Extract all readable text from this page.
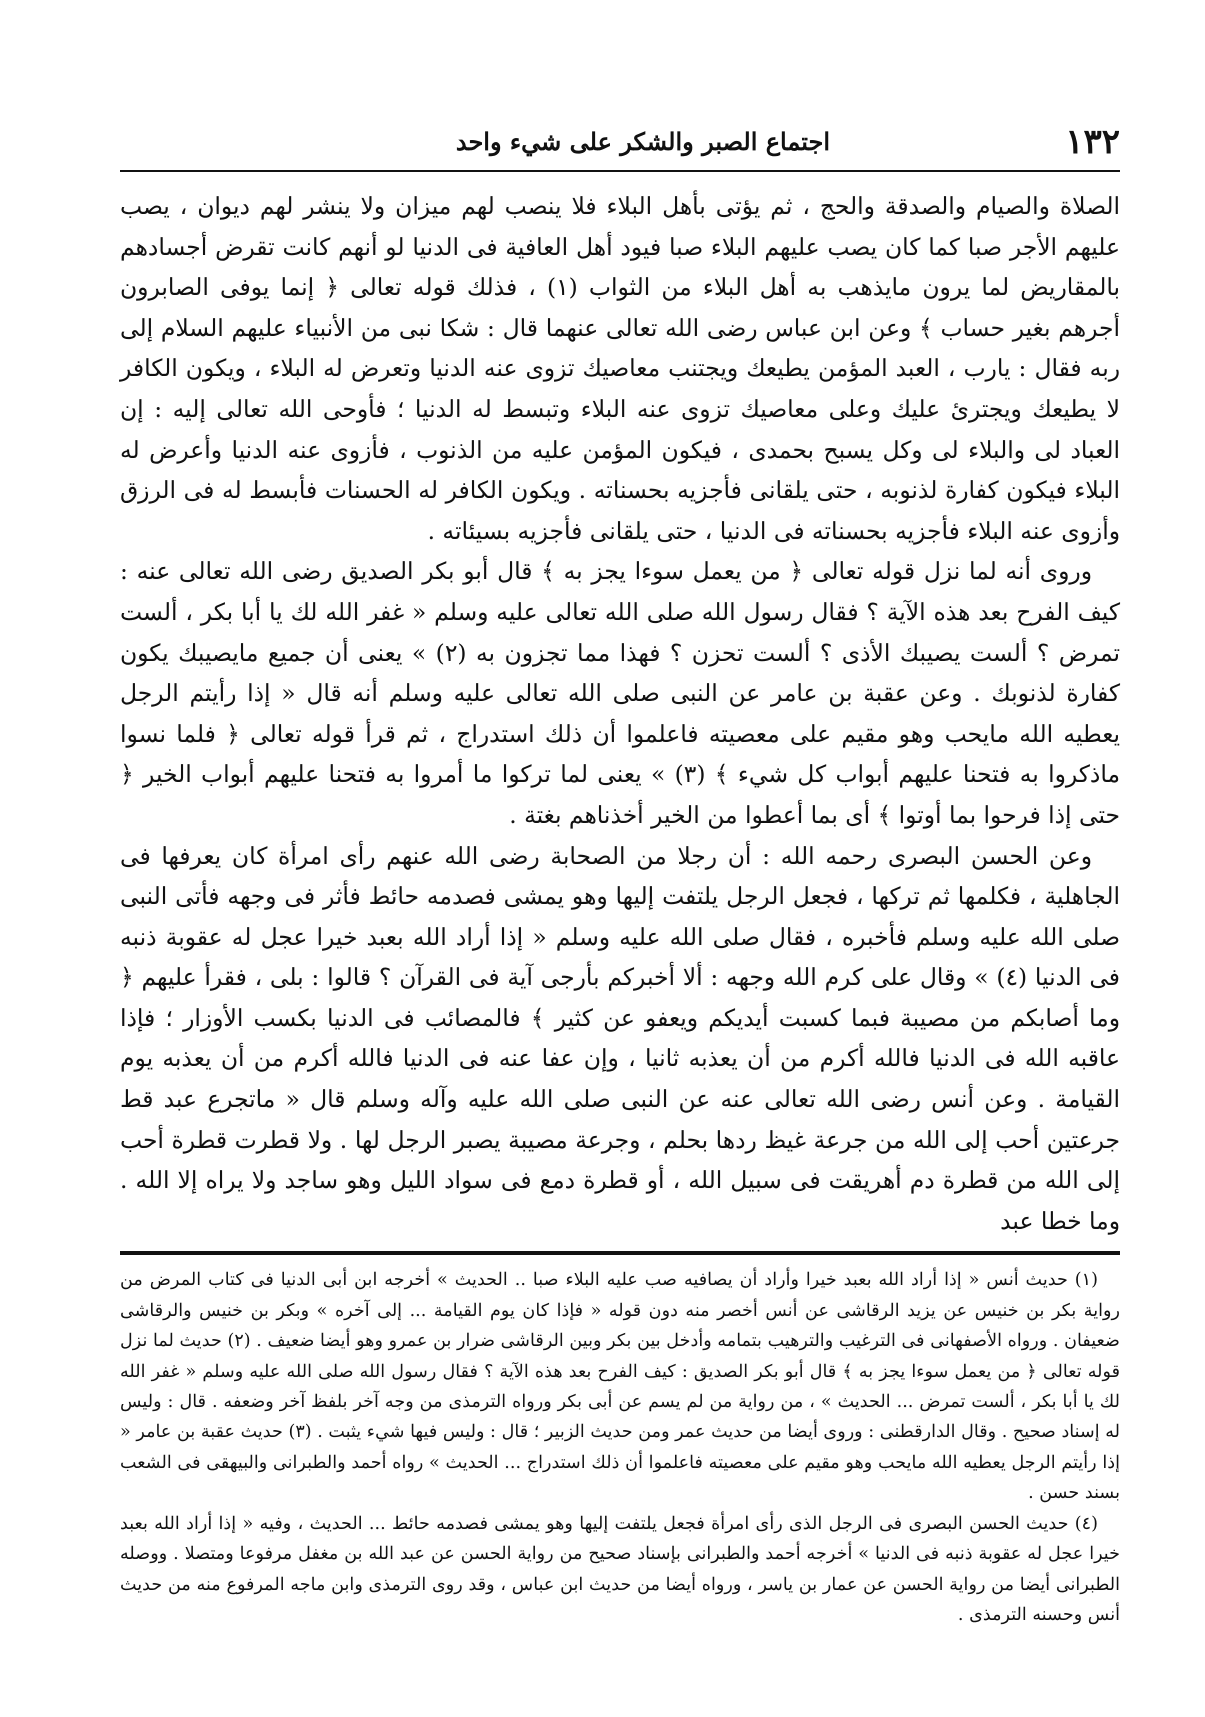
١٣٢
اجتماع الصبر والشكر على شيء واحد

الصلاة والصيام والصدقة والحج ، ثم يؤتى بأهل البلاء فلا ينصب لهم ميزان ولا ينشر لهم ديوان ، يصب عليهم الأجر صبا كما كان يصب عليهم البلاء صبا فيود أهل العافية فى الدنيا لو أنهم كانت تقرض أجسادهم بالمقاريض لما يرون مايذهب به أهل البلاء من الثواب (١) ، فذلك قوله تعالى ﴿ إنما يوفى الصابرون أجرهم بغير حساب ﴾ وعن ابن عباس رضى الله تعالى عنهما قال : شكا نبى من الأنبياء عليهم السلام إلى ربه فقال : يارب ، العبد المؤمن يطيعك ويجتنب معاصيك تزوى عنه الدنيا وتعرض له البلاء ، ويكون الكافر لا يطيعك ويجترئ عليك وعلى معاصيك تزوى عنه البلاء وتبسط له الدنيا ؛ فأوحى الله تعالى إليه : إن العباد لى والبلاء لى وكل يسبح بحمدى ، فيكون المؤمن عليه من الذنوب ، فأزوى عنه الدنيا وأعرض له البلاء فيكون كفارة لذنوبه ، حتى يلقانى فأجزيه بحسناته . ويكون الكافر له الحسنات فأبسط له فى الرزق وأزوى عنه البلاء فأجزيه بحسناته فى الدنيا ، حتى يلقانى فأجزيه بسيئاته .

وروى أنه لما نزل قوله تعالى ﴿ من يعمل سوءا يجز به ﴾ قال أبو بكر الصديق رضى الله تعالى عنه : كيف الفرح بعد هذه الآية ؟ فقال رسول الله صلى الله تعالى عليه وسلم « غفر الله لك يا أبا بكر ، ألست تمرض ؟ ألست يصيبك الأذى ؟ ألست تحزن ؟ فهذا مما تجزون به (٢) » يعنى أن جميع مايصيبك يكون كفارة لذنوبك . وعن عقبة بن عامر عن النبى صلى الله تعالى عليه وسلم أنه قال « إذا رأيتم الرجل يعطيه الله مايحب وهو مقيم على معصيته فاعلموا أن ذلك استدراج ، ثم قرأ قوله تعالى ﴿ فلما نسوا ماذكروا به فتحنا عليهم أبواب كل شيء ﴾ (٣) » يعنى لما تركوا ما أمروا به فتحنا عليهم أبواب الخير ﴿ حتى إذا فرحوا بما أوتوا ﴾ أى بما أعطوا من الخير أخذناهم بغتة .

وعن الحسن البصرى رحمه الله : أن رجلا من الصحابة رضى الله عنهم رأى امرأة كان يعرفها فى الجاهلية ، فكلمها ثم تركها ، فجعل الرجل يلتفت إليها وهو يمشى فصدمه حائط فأثر فى وجهه فأتى النبى صلى الله عليه وسلم فأخبره ، فقال صلى الله عليه وسلم « إذا أراد الله بعبد خيرا عجل له عقوبة ذنبه فى الدنيا (٤) » وقال على كرم الله وجهه : ألا أخبركم بأرجى آية فى القرآن ؟ قالوا : بلى ، فقرأ عليهم ﴿ وما أصابكم من مصيبة فبما كسبت أيديكم ويعفو عن كثير ﴾ فالمصائب فى الدنيا بكسب الأوزار ؛ فإذا عاقبه الله فى الدنيا فالله أكرم من أن يعذبه ثانيا ، وإن عفا عنه فى الدنيا فالله أكرم من أن يعذبه يوم القيامة . وعن أنس رضى الله تعالى عنه عن النبى صلى الله عليه وآله وسلم قال « ماتجرع عبد قط جرعتين أحب إلى الله من جرعة غيظ ردها بحلم ، وجرعة مصيبة يصبر الرجل لها . ولا قطرت قطرة أحب إلى الله من قطرة دم أهريقت فى سبيل الله ، أو قطرة دمع فى سواد الليل وهو ساجد ولا يراه إلا الله . وما خطا عبد

(١) حديث أنس « إذا أراد الله بعبد خيرا وأراد أن يصافيه صب عليه البلاء صبا .. الحديث » أخرجه ابن أبى الدنيا فى كتاب المرض من رواية بكر بن خنيس عن يزيد الرقاشى عن أنس أخصر منه دون قوله « فإذا كان يوم القيامة ... إلى آخره » وبكر بن خنيس والرقاشى ضعيفان . ورواه الأصفهانى فى الترغيب والترهيب بتمامه وأدخل بين بكر وبين الرقاشى ضرار بن عمرو وهو أيضا ضعيف . (٢) حديث لما نزل قوله تعالى ﴿ من يعمل سوءا يجز به ﴾ قال أبو بكر الصديق : كيف الفرح بعد هذه الآية ؟ فقال رسول الله صلى الله عليه وسلم « غفر الله لك يا أبا بكر ، ألست تمرض ... الحديث » ، من رواية من لم يسم عن أبى بكر ورواه الترمذى من وجه آخر بلفظ آخر وضعفه . قال : وليس له إسناد صحيح . وقال الدارقطنى : وروى أيضا من حديث عمر ومن حديث الزبير ؛ قال : وليس فيها شيء يثبت . (٣) حديث عقبة بن عامر « إذا رأيتم الرجل يعطيه الله مايحب وهو مقيم على معصيته فاعلموا أن ذلك استدراج ... الحديث » رواه أحمد والطبرانى والبيهقى فى الشعب بسند حسن .

(٤) حديث الحسن البصرى فى الرجل الذى رأى امرأة فجعل يلتفت إليها وهو يمشى فصدمه حائط ... الحديث ، وفيه « إذا أراد الله بعبد خيرا عجل له عقوبة ذنبه فى الدنيا » أخرجه أحمد والطبرانى بإسناد صحيح من رواية الحسن عن عبد الله بن مغفل مرفوعا ومتصلا . ووصله الطبرانى أيضا من رواية الحسن عن عمار بن ياسر ، ورواه أيضا من حديث ابن عباس ، وقد روى الترمذى وابن ماجه المرفوع منه من حديث أنس وحسنه الترمذى .
